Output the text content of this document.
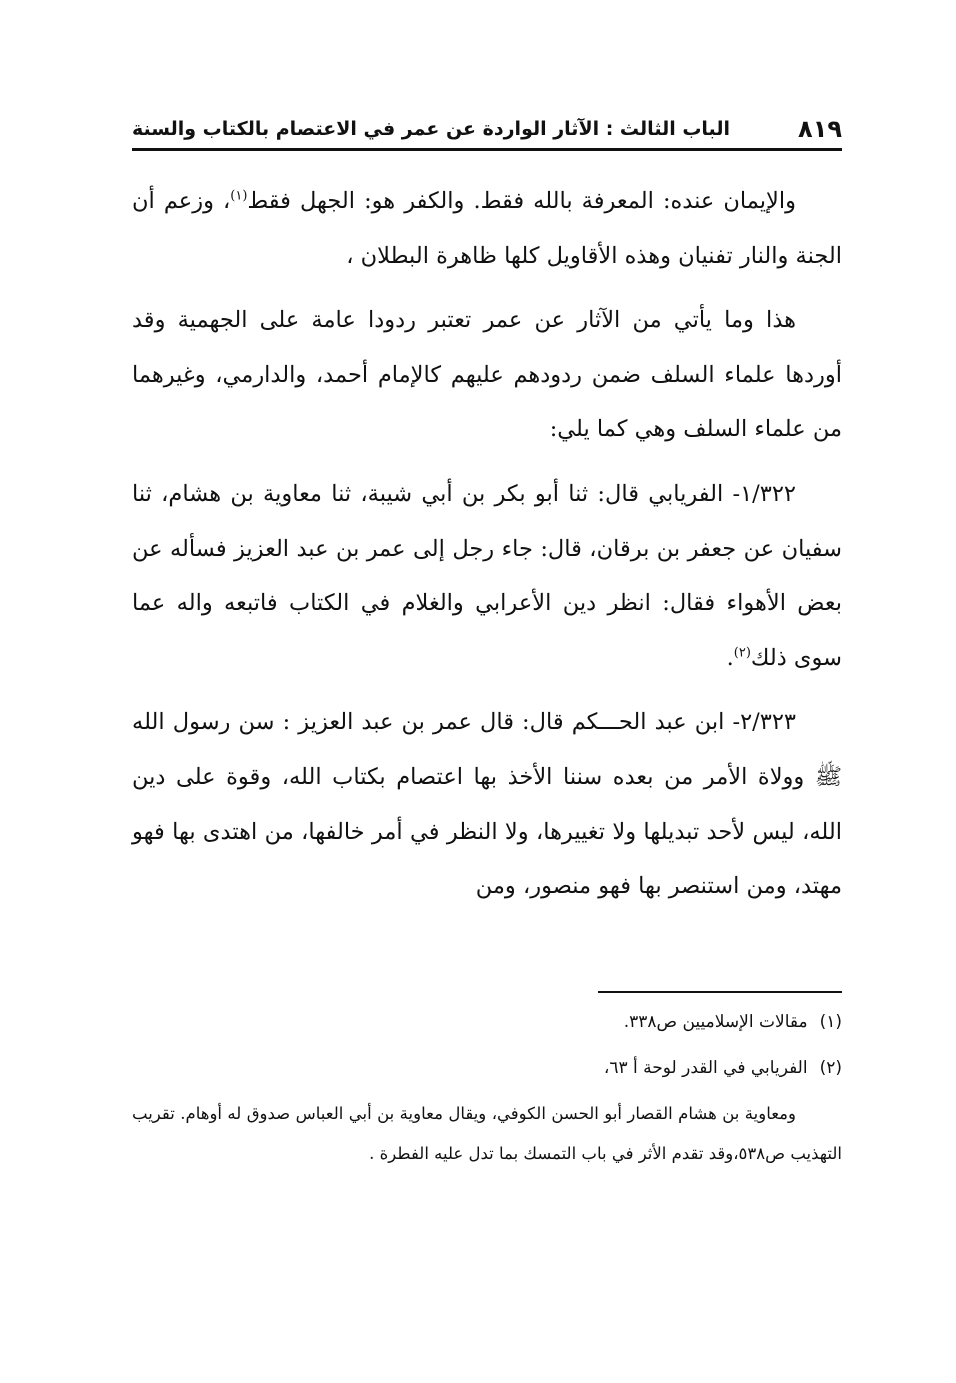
٨١٩
الباب الثالث : الآثار الواردة عن عمر في الاعتصام بالكتاب والسنة

والإيمان عنده: المعرفة بالله فقط. والكفر هو: الجهل فقط$^{(١)}$، وزعم أن الجنة والنار تفنيان وهذه الأقاويل كلها ظاهرة البطلان ،

هذا وما يأتي من الآثار عن عمر تعتبر ردودا عامة على الجهمية وقد أوردها علماء السلف ضمن ردودهم عليهم كالإمام أحمد، والدارمي، وغيرهما من علماء السلف وهي كما يلي:

١/٣٢٢- الفريابي قال: ثنا أبو بكر بن أبي شيبة، ثنا معاوية بن هشام، ثنا سفيان عن جعفر بن برقان، قال: جاء رجل إلى عمر بن عبد العزيز فسأله عن بعض الأهواء فقال: انظر دين الأعرابي والغلام في الكتاب فاتبعه واله عما سوى ذلك$^{(٢)}$.

٢/٣٢٣- ابن عبد الحـــكم قال: قال عمر بن عبد العزيز : سن رسول الله ﷺ وولاة الأمر من بعده سننا الأخذ بها اعتصام بكتاب الله، وقوة على دين الله، ليس لأحد تبديلها ولا تغييرها، ولا النظر في أمر خالفها، من اهتدى بها فهو مهتد، ومن استنصر بها فهو منصور، ومن

(١)
مقالات الإسلاميين ص٣٣٨.
(٢)
الفريابي في القدر لوحة أ ٦٣،
ومعاوية بن هشام القصار أبو الحسن الكوفي، ويقال معاوية بن أبي العباس صدوق له أوهام. تقريب التهذيب ص٥٣٨،وقد تقدم الأثر في باب التمسك بما تدل عليه الفطرة .
